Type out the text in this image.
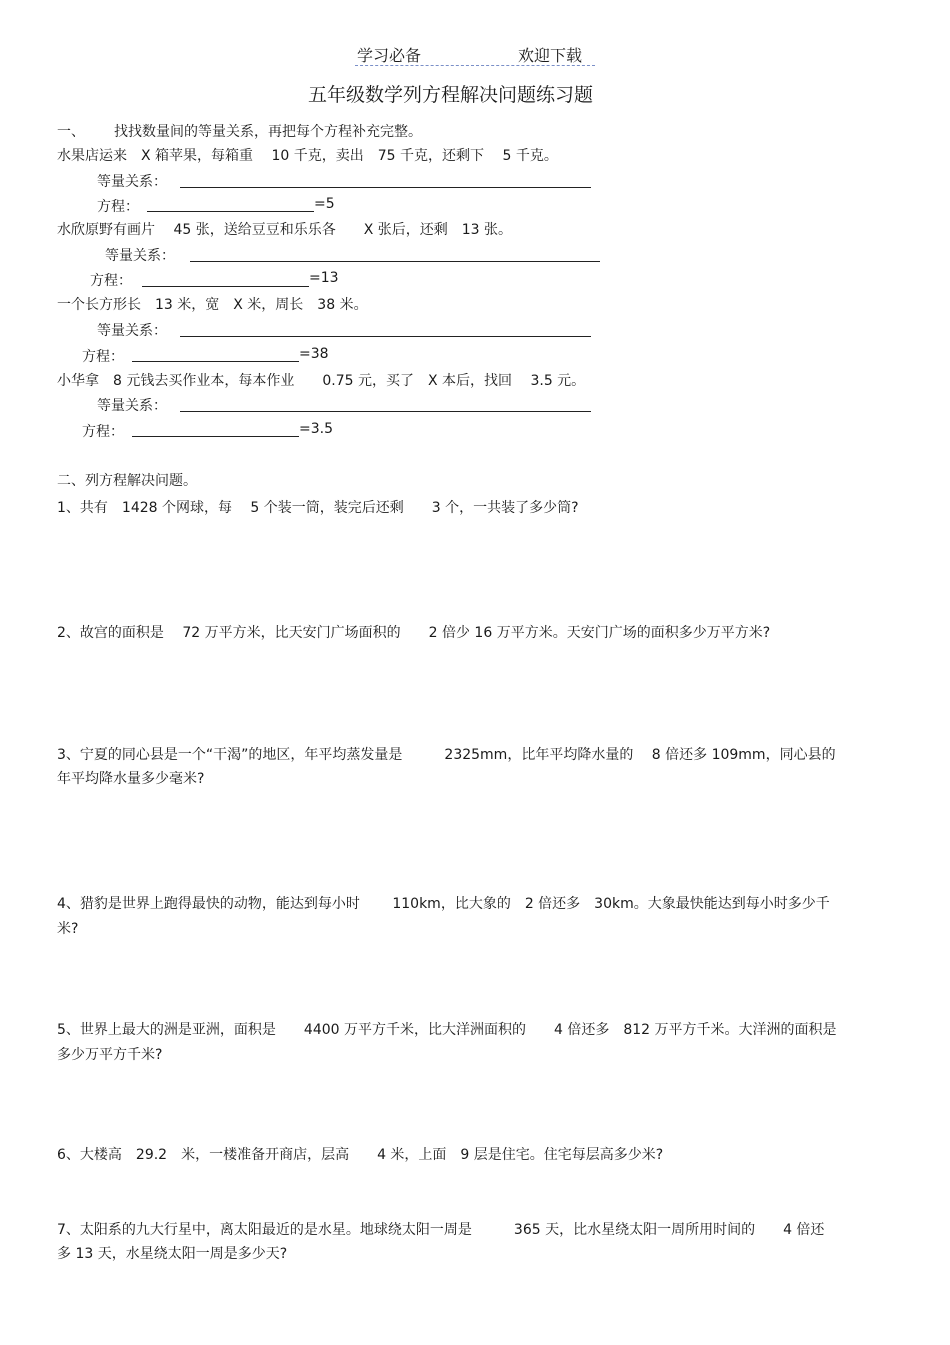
学习必备	欢迎下载
五年级数学列方程解决问题练习题
一、 找找数量间的等量关系，再把每个方程补充完整。
水果店运来　X 箱苹果，每箱重　 10 千克，卖出　75 千克，还剩下　 5 千克。
等量关系：
方程：	=5
水欣原野有画片　 45 张，送给豆豆和乐乐各　　X 张后，还剩　13 张。
等量关系：
方程：	=13
一个长方形长　13 米，宽　X 米，周长　38 米。
等量关系：
方程：	=38
小华拿　8 元钱去买作业本，每本作业　　0.75 元，买了　X 本后，找回　 3.5 元。
等量关系：
方程：	=3.5
二、列方程解决问题。
1、共有　1428 个网球，每　 5 个装一筒，装完后还剩　　3 个，一共装了多少筒?
2、故宫的面积是　 72 万平方米，比天安门广场面积的　　2 倍少 16 万平方米。天安门广场的面积多少万平方米?
3、宁夏的同心县是一个“干渴”的地区，年平均蒸发量是　　　2325mm，比年平均降水量的　 8 倍还多 109mm，同心县的
年平均降水量多少毫米?
4、猎豹是世界上跑得最快的动物，能达到每小时　　 110km，比大象的　2 倍还多　30km。大象最快能达到每小时多少千
米?
5、世界上最大的洲是亚洲，面积是　　4400 万平方千米，比大洋洲面积的　　4 倍还多　812 万平方千米。大洋洲的面积是
多少万平方千米?
6、大楼高　29.2　米，一楼准备开商店，层高　　4 米，上面　9 层是住宅。住宅每层高多少米?
7、太阳系的九大行星中，离太阳最近的是水星。地球绕太阳一周是　　　365 天，比水星绕太阳一周所用时间的　　4 倍还
多 13 天，水星绕太阳一周是多少天?
